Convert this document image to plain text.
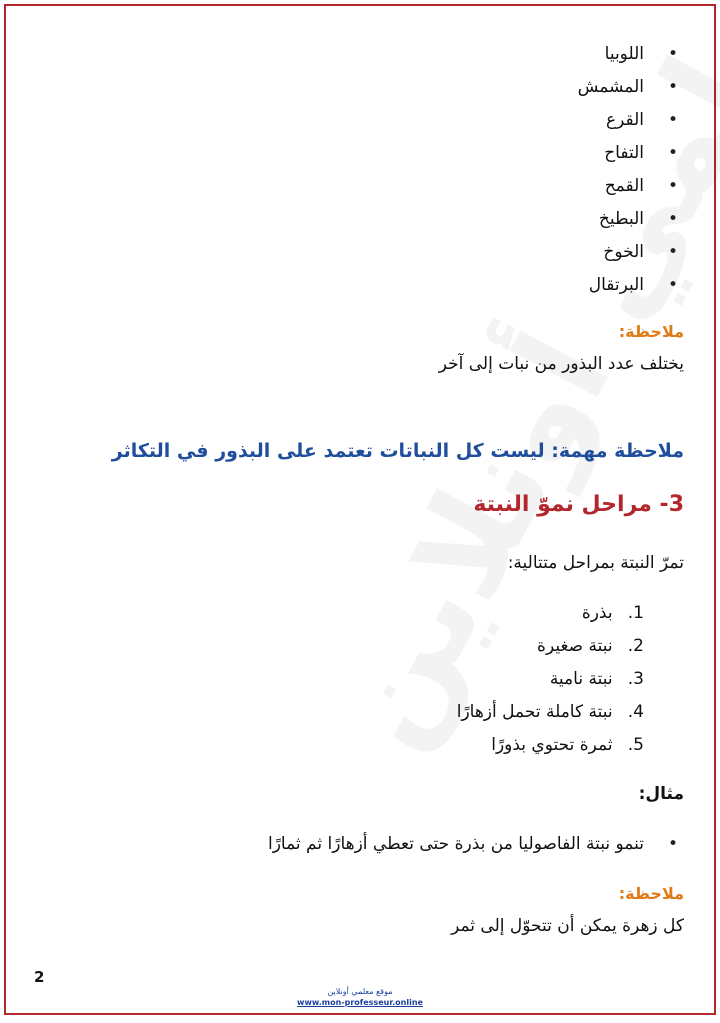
• اللوبيا
• المشمش
• القرع
• التفاح
• القمح
• البطيخ
• الخوخ
• البرتقال
ملاحظة:
يختلف عدد البذور من نبات إلى آخر
ملاحظة مهمة: ليست كل النباتات تعتمد على البذور في التكاثر
3- مراحل نموّ النبتة
تمرّ النبتة بمراحل متتالية:
1. بذرة
2. نبتة صغيرة
3. نبتة نامية
4. نبتة كاملة تحمل أزهارًا
5. ثمرة تحتوي بذورًا
مثال:
• تنمو نبتة الفاصوليا من بذرة حتى تعطي أزهارًا ثم ثمارًا
ملاحظة:
كل زهرة يمكن أن تتحوّل إلى ثمر
2
موقع معلمي أونلاين
www.mon-professeur.online
